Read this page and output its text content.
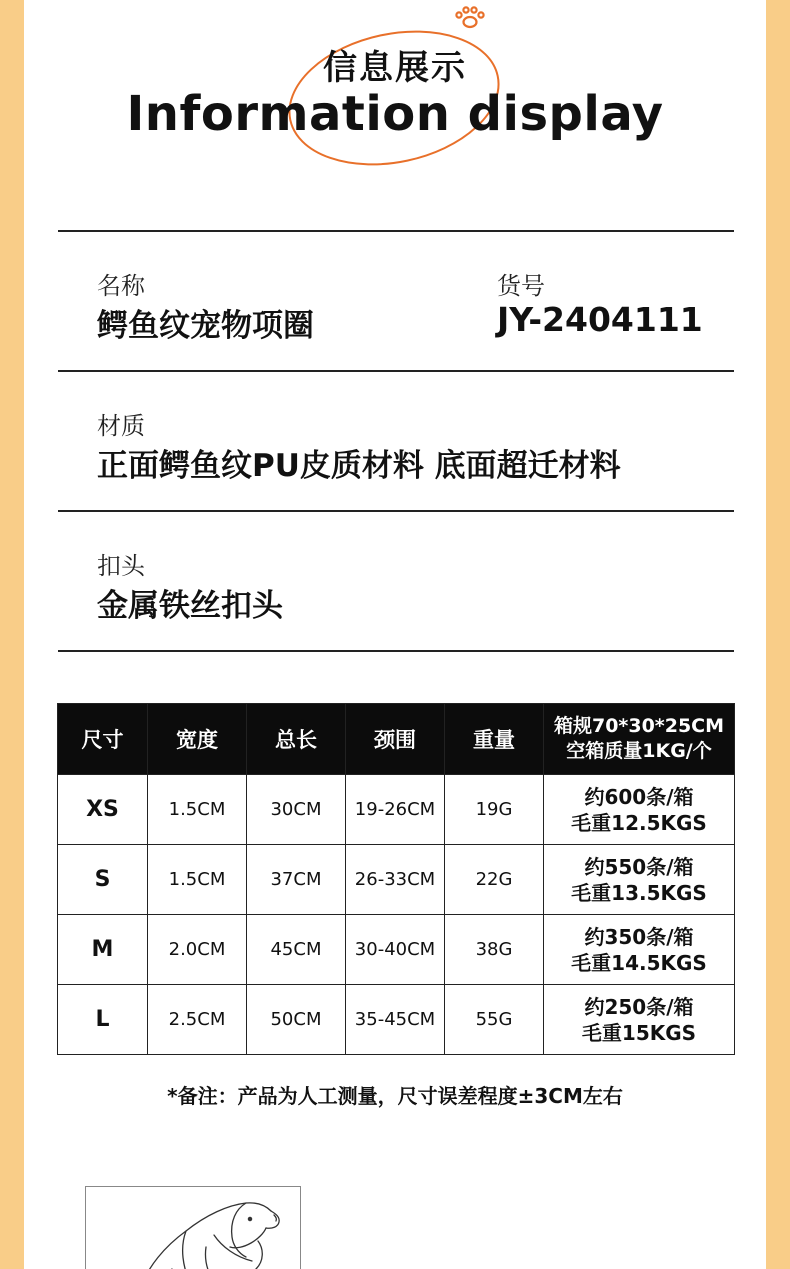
信息展示
Information display
名称
鳄鱼纹宠物项圈
货号
JY-2404111
材质
正面鳄鱼纹PU皮质材料 底面超迁材料
扣头
金属铁丝扣头
尺寸	宽度	总长	颈围	重量	箱规70*30*25CM
空箱质量1KG/个

XS	1.5CM	30CM	19-26CM	19G	约600条/箱
毛重12.5KGS

S	1.5CM	37CM	26-33CM	22G	约550条/箱
毛重13.5KGS

M	2.0CM	45CM	30-40CM	38G	约350条/箱
毛重14.5KGS

L	2.5CM	50CM	35-45CM	55G	约250条/箱
毛重15KGS
*备注：产品为人工测量，尺寸误差程度±3CM左右
